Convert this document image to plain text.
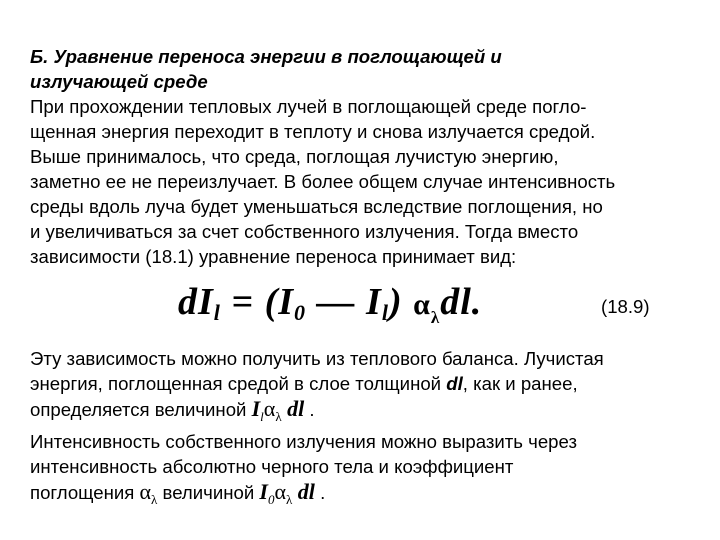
Б. Уравнение переноса энергии в поглощающей и
излучающей среде
При прохождении тепловых лучей в поглощающей среде погло-
щенная энергия переходит в теплоту и снова излучается средой.
Выше принималось, что среда, поглощая лучистую энергию,
заметно ее не переизлучает. В более общем случае интенсивность
среды вдоль луча будет уменьшаться вследствие поглощения, но
и увеличиваться за счет собственного излучения. Тогда вместо
зависимости (18.1) уравнение переноса принимает вид:
$dI_l = (I_0$ — $I_l$) $\alpha_\lambda dl$.	(18.9)
Эту зависимость можно получить из теплового баланса. Лучистая
энергия, поглощенная средой в слое толщиной dl, как и ранее,
определяется величиной $I_l\alpha_\lambda$ dl .
Интенсивность собственного излучения можно выразить через
интенсивность абсолютно черного тела и коэффициент
поглощения $\alpha_\lambda$ величиной $I_0\alpha_\lambda$ dl .
